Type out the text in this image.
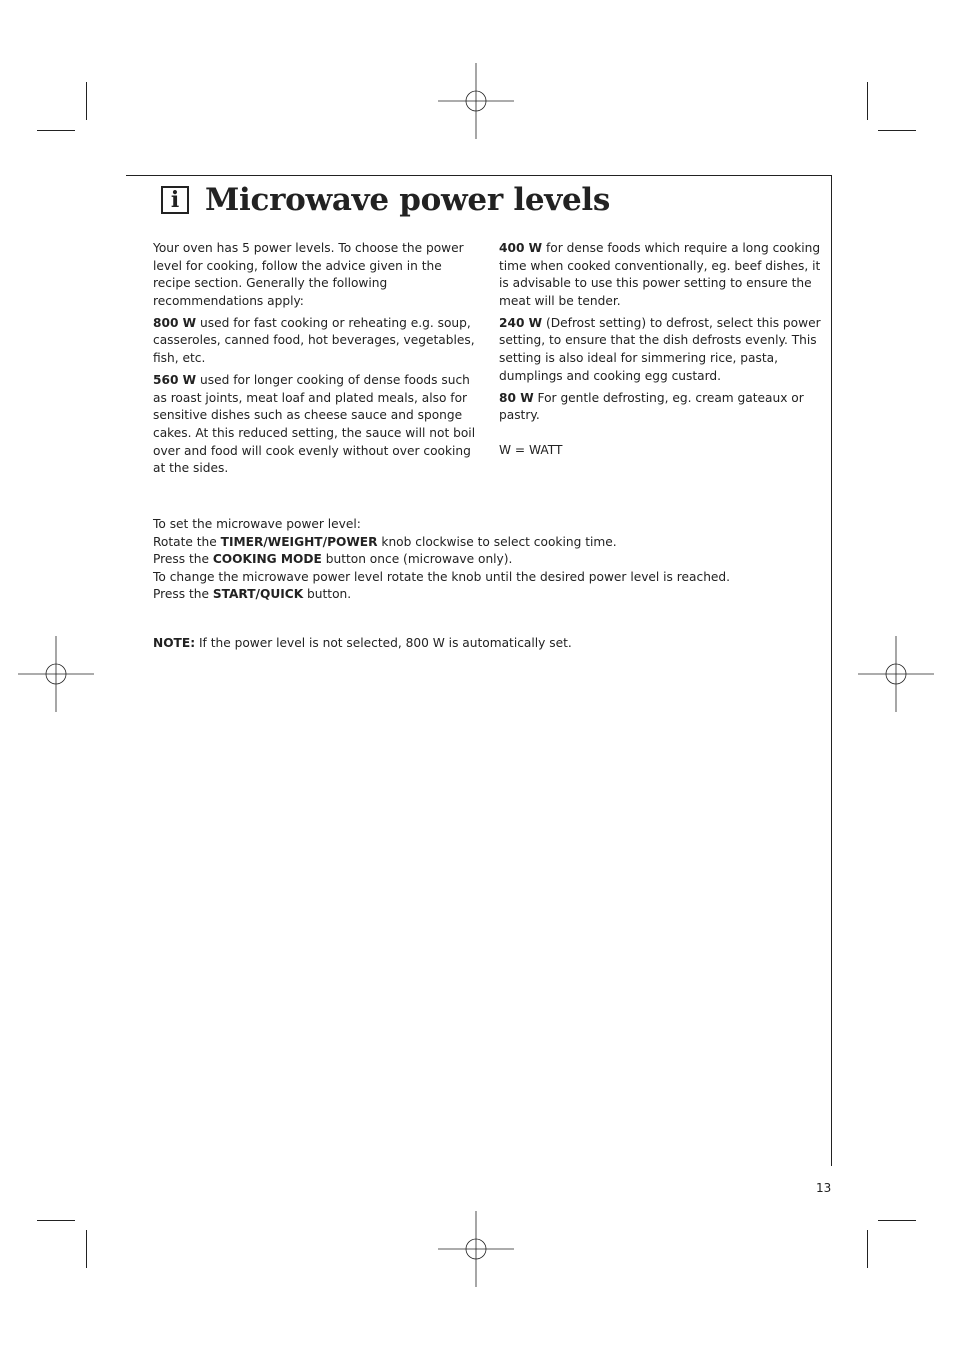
i Microwave power levels

Your oven has 5 power levels. To choose the power level for cooking, follow the advice given in the recipe section. Generally the following recommendations apply:

800 W used for fast cooking or reheating e.g. soup, casseroles, canned food, hot beverages, vegetables, fish, etc.

560 W used for longer cooking of dense foods such as roast joints, meat loaf and plated meals, also for sensitive dishes such as cheese sauce and sponge cakes. At this reduced setting, the sauce will not boil over and food will cook evenly without over cooking at the sides.

400 W for dense foods which require a long cooking time when cooked conventionally, eg. beef dishes, it is advisable to use this power setting to ensure the meat will be tender.

240 W (Defrost setting) to defrost, select this power setting, to ensure that the dish defrosts evenly. This setting is also ideal for simmering rice, pasta, dumplings and cooking egg custard.

80 W For gentle defrosting, eg. cream gateaux or pastry.

W = WATT

To set the microwave power level:
Rotate the TIMER/WEIGHT/POWER knob clockwise to select cooking time.
Press the COOKING MODE button once (microwave only).
To change the microwave power level rotate the knob until the desired power level is reached.
Press the START/QUICK button.
NOTE: If the power level is not selected, 800 W is automatically set.
13
